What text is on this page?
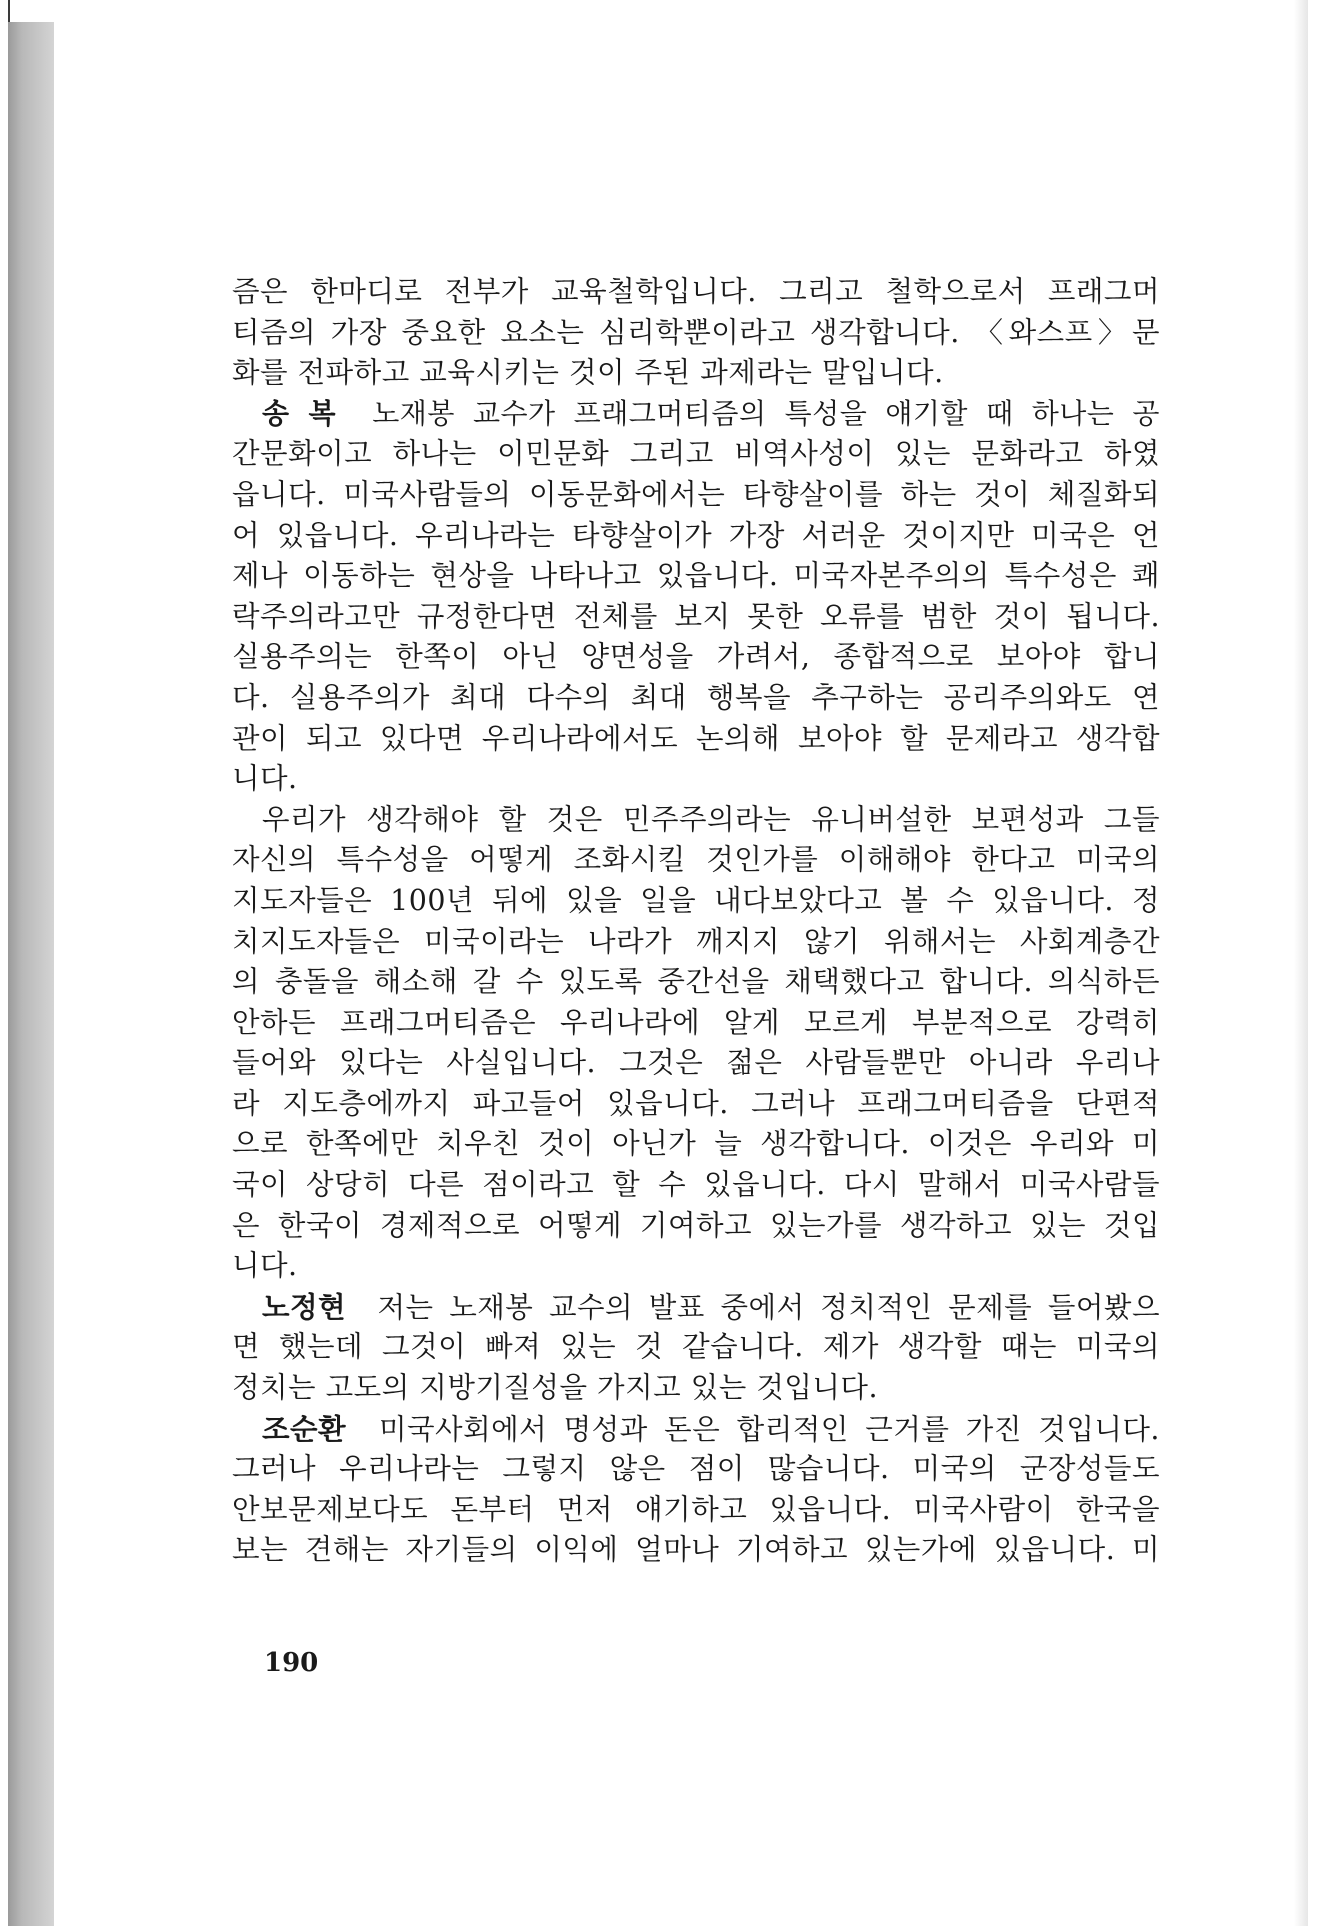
즘은 한마디로 전부가 교육철학입니다. 그리고 철학으로서 프래그머

티즘의 가장 중요한 요소는 심리학뿐이라고 생각합니다. 〈와스프〉문

화를 전파하고 교육시키는 것이 주된 과제라는 말입니다.

송 복 노재봉 교수가 프래그머티즘의 특성을 얘기할 때 하나는 공

간문화이고 하나는 이민문화 그리고 비역사성이 있는 문화라고 하였

읍니다. 미국사람들의 이동문화에서는 타향살이를 하는 것이 체질화되

어 있읍니다. 우리나라는 타향살이가 가장 서러운 것이지만 미국은 언

제나 이동하는 현상을 나타나고 있읍니다. 미국자본주의의 특수성은 쾌

락주의라고만 규정한다면 전체를 보지 못한 오류를 범한 것이 됩니다.

실용주의는 한쪽이 아닌 양면성을 가려서, 종합적으로 보아야 합니

다. 실용주의가 최대 다수의 최대 행복을 추구하는 공리주의와도 연

관이 되고 있다면 우리나라에서도 논의해 보아야 할 문제라고 생각합

니다.

우리가 생각해야 할 것은 민주주의라는 유니버설한 보편성과 그들

자신의 특수성을 어떻게 조화시킬 것인가를 이해해야 한다고 미국의

지도자들은 100년 뒤에 있을 일을 내다보았다고 볼 수 있읍니다. 정

치지도자들은 미국이라는 나라가 깨지지 않기 위해서는 사회계층간

의 충돌을 해소해 갈 수 있도록 중간선을 채택했다고 합니다. 의식하든

안하든 프래그머티즘은 우리나라에 알게 모르게 부분적으로 강력히

들어와 있다는 사실입니다. 그것은 젊은 사람들뿐만 아니라 우리나

라 지도층에까지 파고들어 있읍니다. 그러나 프래그머티즘을 단편적

으로 한쪽에만 치우친 것이 아닌가 늘 생각합니다. 이것은 우리와 미

국이 상당히 다른 점이라고 할 수 있읍니다. 다시 말해서 미국사람들

은 한국이 경제적으로 어떻게 기여하고 있는가를 생각하고 있는 것입

니다.

노정현 저는 노재봉 교수의 발표 중에서 정치적인 문제를 들어봤으

면 했는데 그것이 빠져 있는 것 같습니다. 제가 생각할 때는 미국의

정치는 고도의 지방기질성을 가지고 있는 것입니다.

조순환 미국사회에서 명성과 돈은 합리적인 근거를 가진 것입니다.

그러나 우리나라는 그렇지 않은 점이 많습니다. 미국의 군장성들도

안보문제보다도 돈부터 먼저 얘기하고 있읍니다. 미국사람이 한국을

보는 견해는 자기들의 이익에 얼마나 기여하고 있는가에 있읍니다. 미

190
